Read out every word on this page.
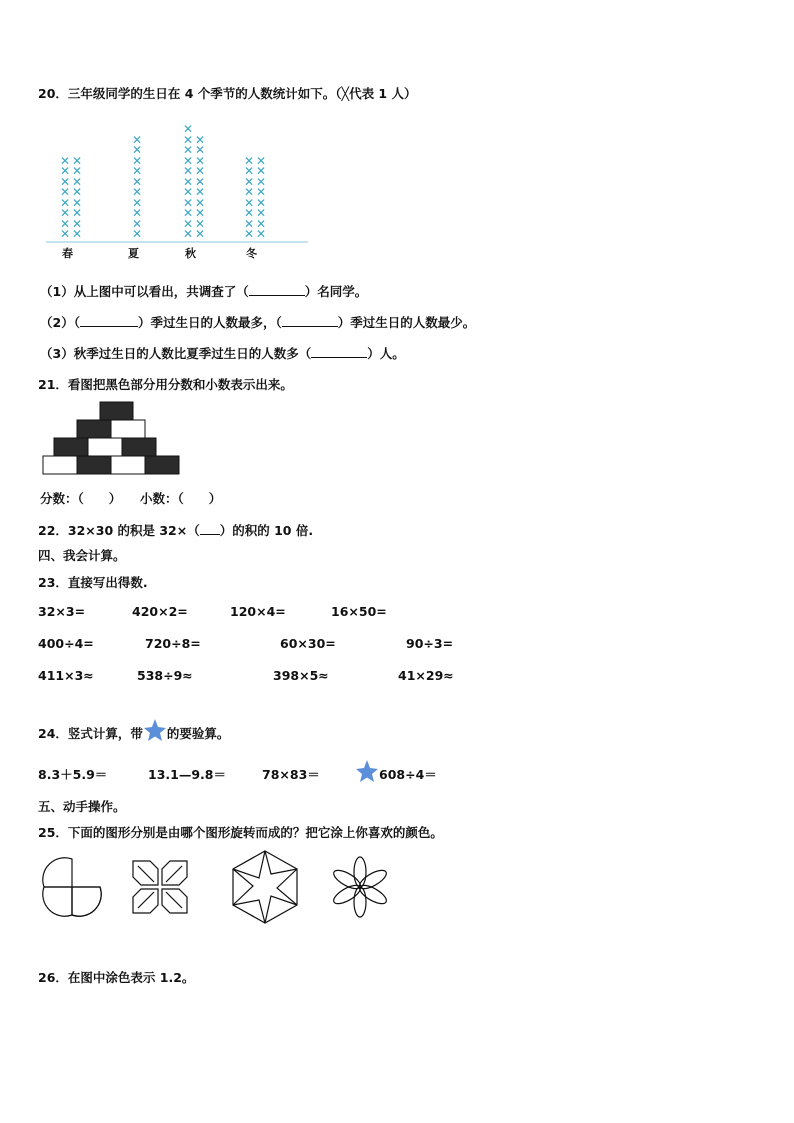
20．三年级同学的生日在 4 个季节的人数统计如下。（╳代表 1 人）
✕ ✕
✕ ✕
✕ ✕
✕ ✕
✕ ✕
✕ ✕
✕ ✕
✕ ✕
春
✕
✕
✕
✕
✕
✕
✕
✕
✕
✕
夏
✕ ✕
✕ ✕
✕ ✕
✕ ✕
✕ ✕
✕ ✕
✕ ✕
✕ ✕
✕ ✕
✕ ✕
✕
秋
✕ ✕
✕ ✕
✕ ✕
✕ ✕
✕ ✕
✕ ✕
✕ ✕
✕ ✕
冬
（1）从上图中可以看出，共调查了（	）名同学。
（2）（	）季过生日的人数最多，（	）季过生日的人数最少。
（3）秋季过生日的人数比夏季过生日的人数多（	）人。
21．看图把黑色部分用分数和小数表示出来。
分数：（　　）　　小数：（　　）
22．32×30 的积是 32×（ ）的积的 10 倍.
四、我会计算。
23．直接写出得数.
32×3=	420×2=	120×4=	16×50=
400÷4=	720÷8=	60×30=	90÷3=
411×3≈	538÷9≈	398×5≈	41×29≈
24．竖式计算，带 的要验算。
8.3＋5.9＝	13.1—9.8＝	78×83＝	608÷4＝
五、动手操作。
25．下面的图形分别是由哪个图形旋转而成的？把它涂上你喜欢的颜色。
26．在图中涂色表示 1.2。
